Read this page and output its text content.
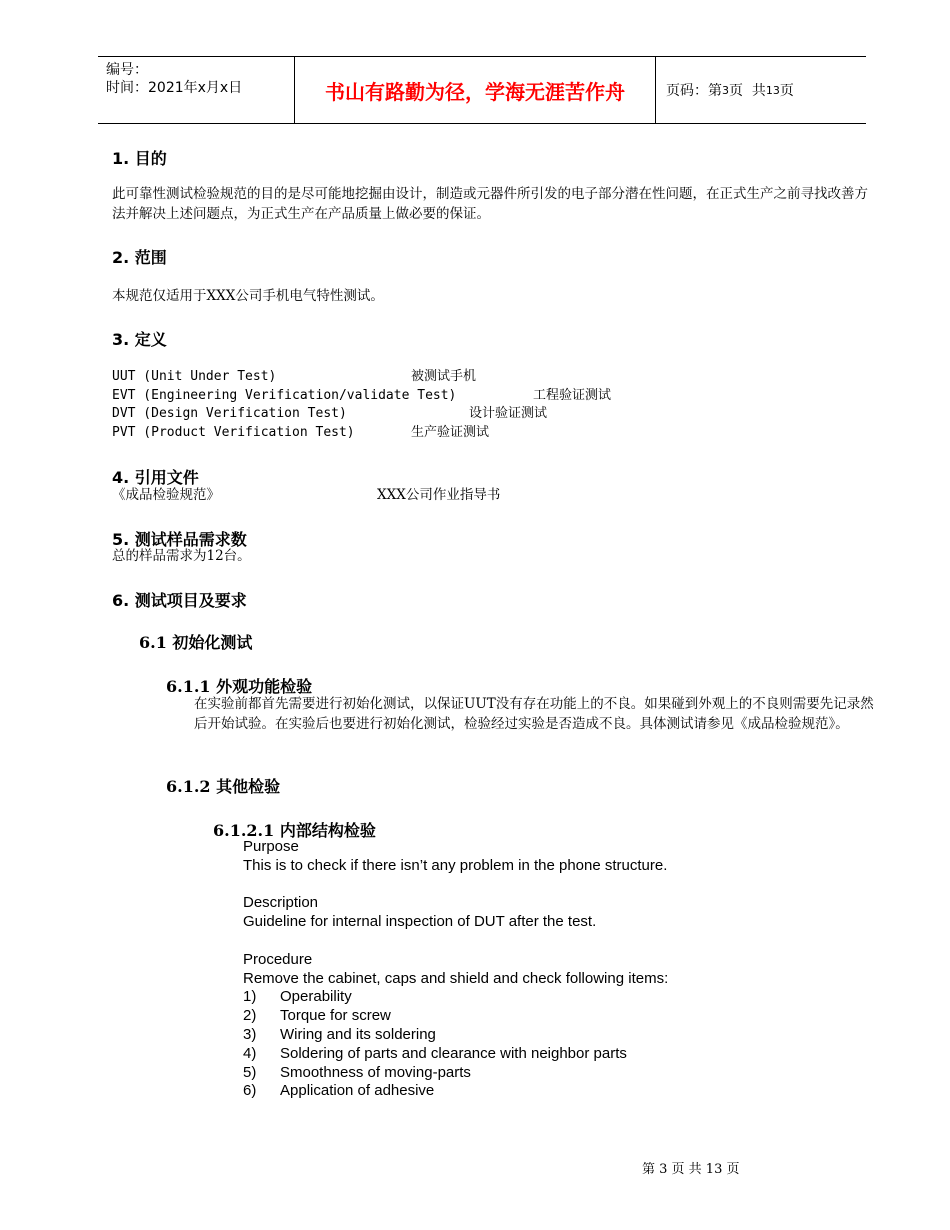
编号：
时间：2021年x月x日	书山有路勤为径，学海无涯苦作舟	页码：第 3 页  共 13 页
1. 目的
此可靠性测试检验规范的目的是尽可能地挖掘由设计，制造或元器件所引发的电子部分潜在性问题，在正式生产之前寻找改善方法并解决上述问题点，为正式生产在产品质量上做必要的保证。
2. 范围
本规范仅适用于XXX公司手机电气特性测试。
3. 定义
UUT (Unit Under Test)	被测试手机
EVT (Engineering Verification/validate Test)	工程验证测试
DVT (Design Verification Test)	设计验证测试
PVT (Product Verification Test)	生产验证测试
4. 引用文件
《成品检验规范》	XXX公司作业指导书
5. 测试样品需求数
总的样品需求为12台。
6. 测试项目及要求
6.1 初始化测试
6.1.1 外观功能检验
在实验前都首先需要进行初始化测试，以保证UUT没有存在功能上的不良。如果碰到外观上的不良则需要先记录然后开始试验。在实验后也要进行初始化测试，检验经过实验是否造成不良。具体测试请参见《成品检验规范》。
6.1.2 其他检验
6.1.2.1 内部结构检验
Purpose
This is to check if there isn’t any problem in the phone structure.
Description
Guideline for internal inspection of DUT after the test.
Procedure
Remove the cabinet, caps and shield and check following items:
1) Operability
2) Torque for screw
3) Wiring and its soldering
4) Soldering of parts and clearance with neighbor parts
5) Smoothness of moving-parts
6) Application of adhesive
第 3 页 共 13 页
